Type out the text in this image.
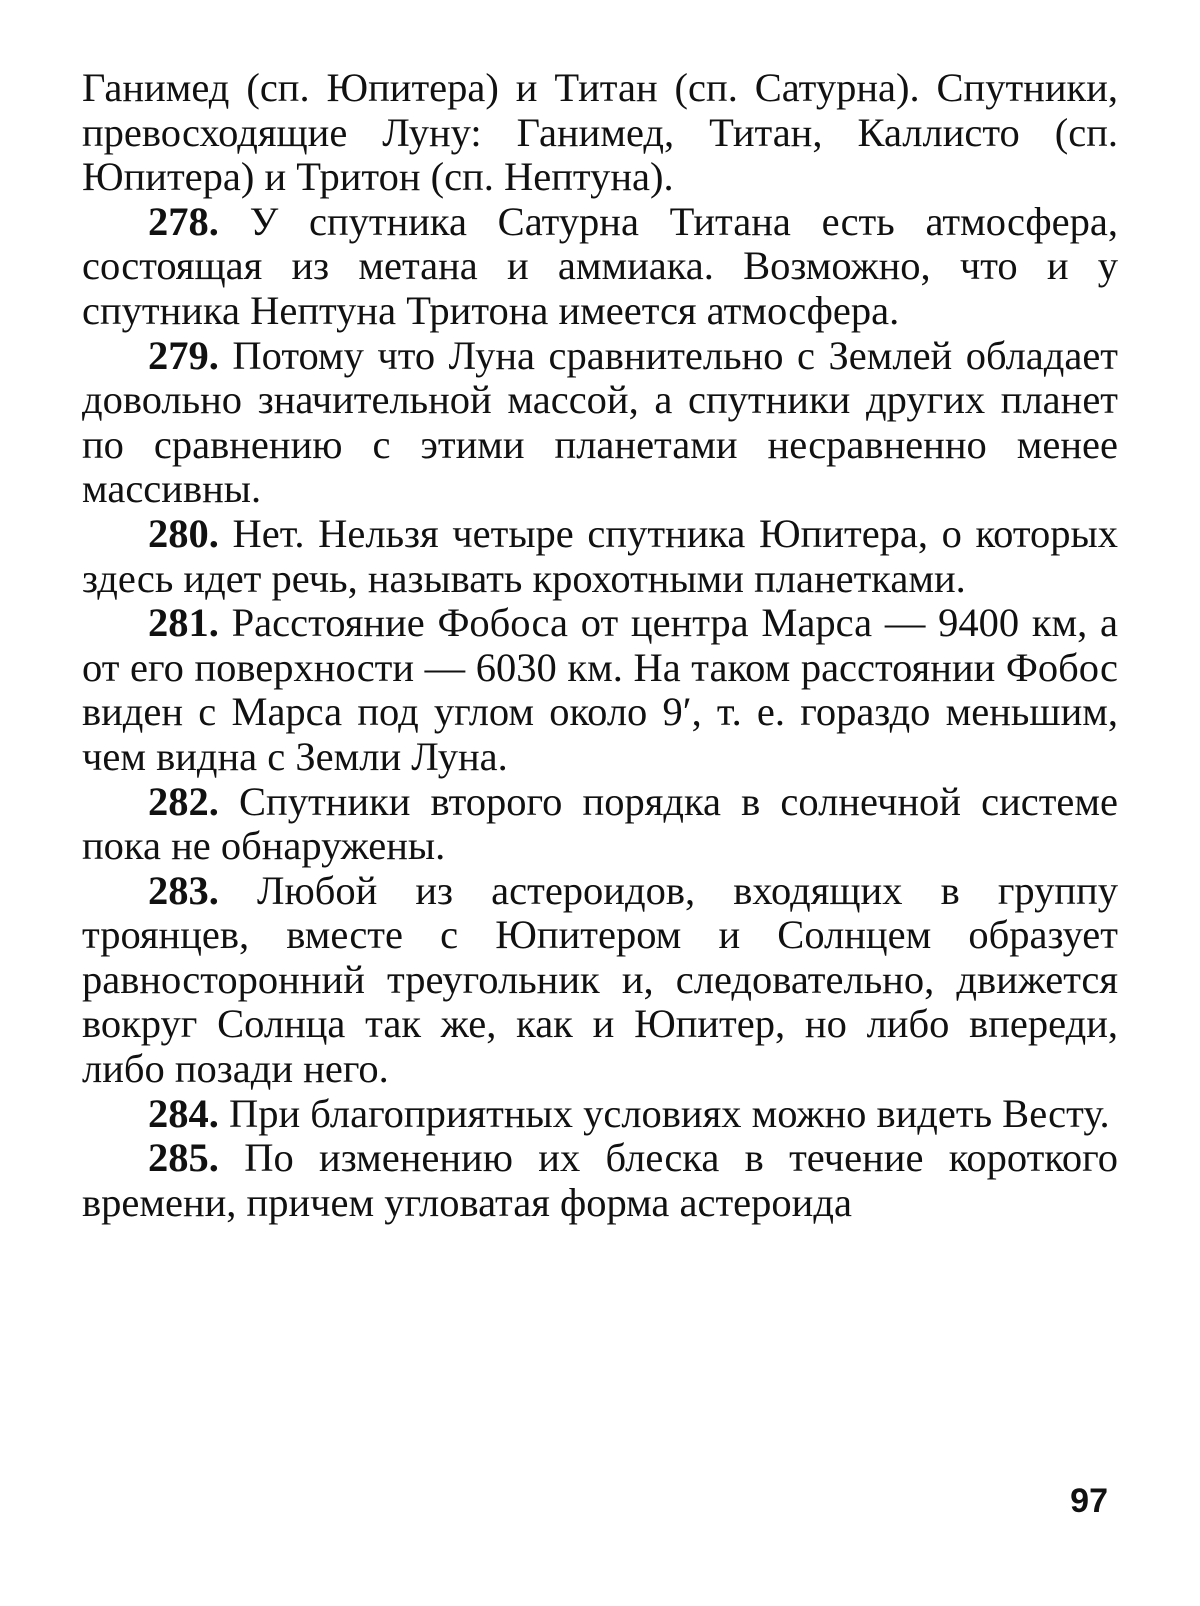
Ганимед (сп. Юпитера) и Титан (сп. Сатурна). Спутники, превосходящие Луну: Ганимед, Титан, Каллисто (сп. Юпитера) и Тритон (сп. Нептуна).

278. У спутника Сатурна Титана есть атмосфера, состоящая из метана и аммиака. Возможно, что и у спутника Нептуна Тритона имеется атмосфера.

279. Потому что Луна сравнительно с Землей обладает довольно значительной массой, а спутники других планет по сравнению с этими планетами несравненно менее массивны.

280. Нет. Нельзя четыре спутника Юпитера, о которых здесь идет речь, называть крохотными планетками.

281. Расстояние Фобоса от центра Марса — 9400 км, а от его поверхности — 6030 км. На таком расстоянии Фобос виден с Марса под углом около 9′, т. е. гораздо меньшим, чем видна с Земли Луна.

282. Спутники второго порядка в солнечной системе пока не обнаружены.

283. Любой из астероидов, входящих в группу троянцев, вместе с Юпитером и Солнцем образует равносторонний треугольник и, следовательно, движется вокруг Солнца так же, как и Юпитер, но либо впереди, либо позади него.

284. При благоприятных условиях можно видеть Весту.

285. По изменению их блеска в течение короткого времени, причем угловатая форма астероида

97
